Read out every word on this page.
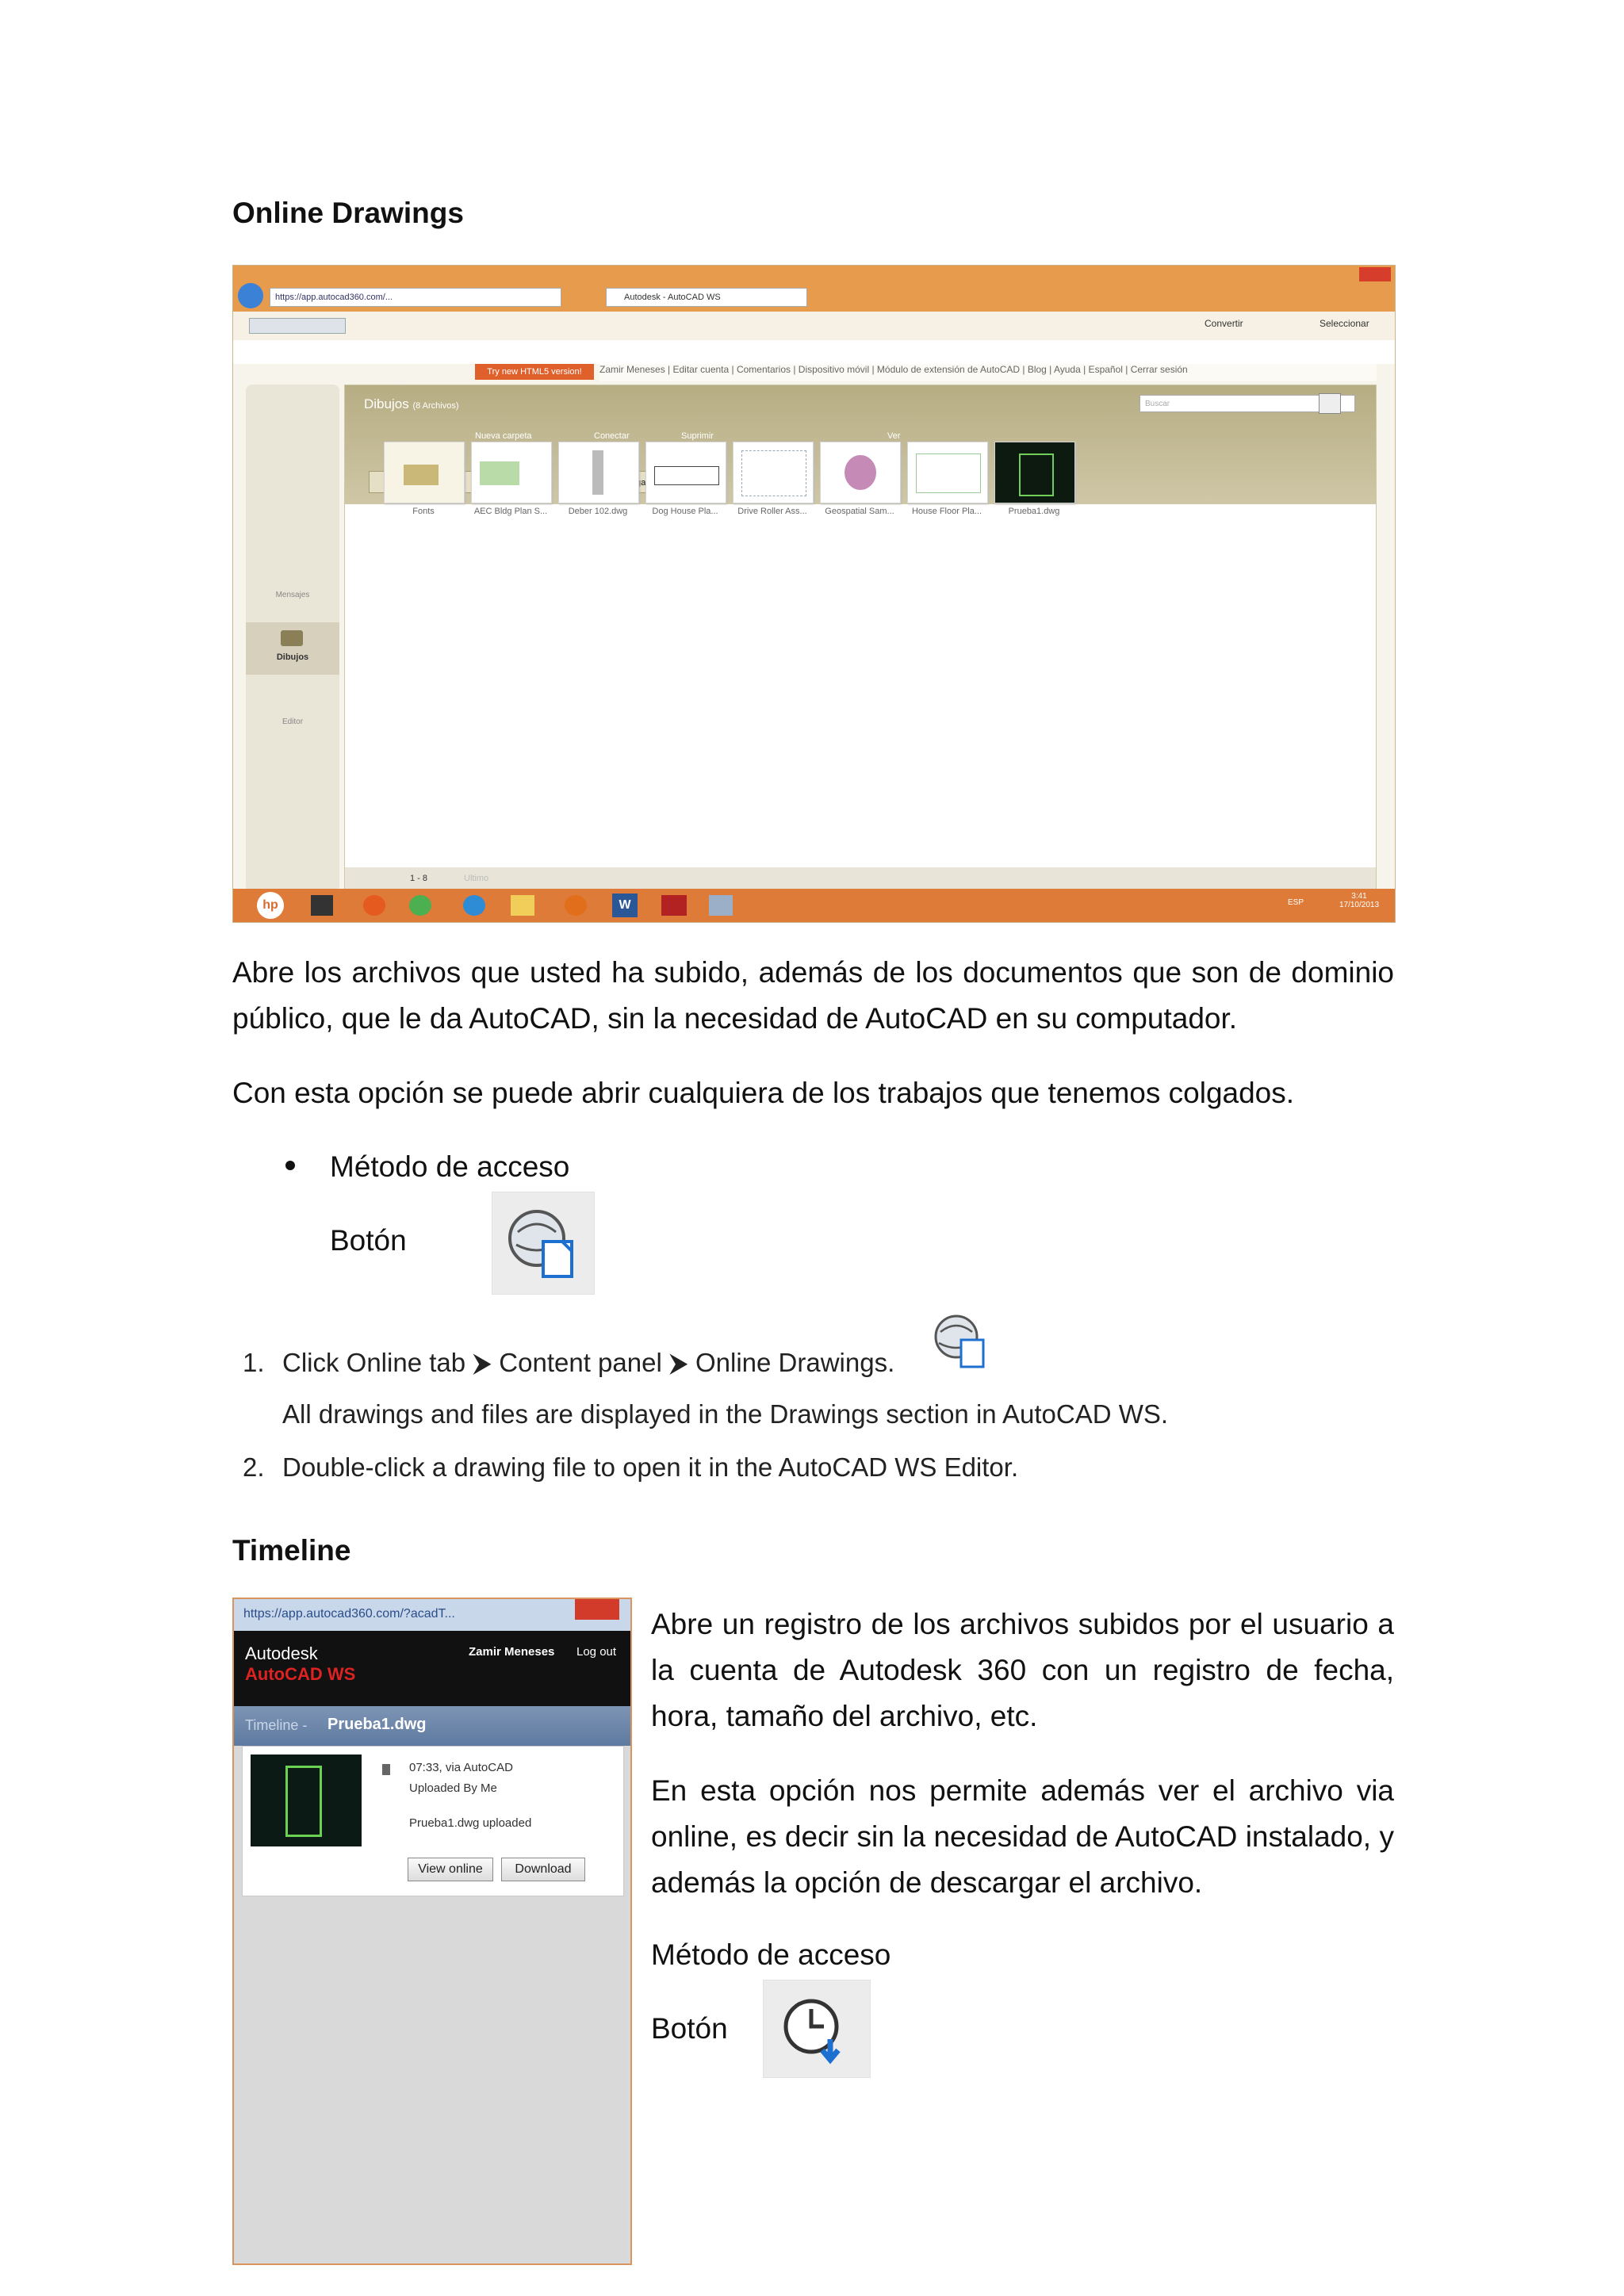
Online Drawings
https://app.autocad360.com/...	Autodesk - AutoCAD WS
Convertir	Seleccionar
Try new HTML5 version!	Zamir Meneses | Editar cuenta | Comentarios | Dispositivo móvil | Módulo de extensión de AutoCAD | Blog | Ayuda | Español | Cerrar sesión
Mensajes
Dibujos
Editor
Dibujos (8 Archivos)	Buscar
Nueva carpeta	Conectar	Suprimir	Ver
1 - 8	Ultimo
Fonts	AEC Bldg Plan S...	Deber 102.dwg	Dog House Pla...	Drive Roller Ass...	Geospatial Sam...	House Floor Pla...	Prueba1.dwg
hp	W	ESP
3:41
17/10/2013
Abre los archivos que usted ha subido, además de los documentos que son de dominio público, que le da AutoCAD, sin la necesidad de AutoCAD en su computador.
Con esta opción se puede abrir cualquiera de los trabajos que tenemos colgados.
Método de acceso
Botón
1. Click Online tab ⮞ Content panel ⮞ Online Drawings.
All drawings and files are displayed in the Drawings section in AutoCAD WS.
2. Double-click a drawing file to open it in the AutoCAD WS Editor.
Timeline
https://app.autocad360.com/?acadT...
Autodesk
AutoCAD WS
Zamir Meneses Log out
Timeline - Prueba1.dwg
07:33, via AutoCAD
Uploaded By Me
Prueba1.dwg uploaded
View online	Download
Abre un registro de los archivos subidos por el usuario a la cuenta de Autodesk 360 con un registro de fecha, hora, tamaño del archivo, etc.
En esta opción nos permite además ver el archivo via online, es decir sin la necesidad de AutoCAD instalado, y además la opción de descargar el archivo.
Método de acceso
Botón
